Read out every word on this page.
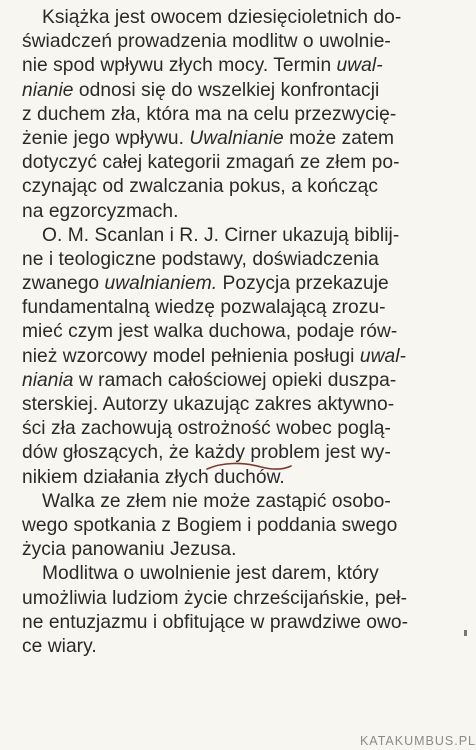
Książka jest owocem dziesięcioletnich do-
świadczeń prowadzenia modlitw o uwolnie-
nie spod wpływu złych mocy. Termin uwal-
nianie odnosi się do wszelkiej konfrontacji
z duchem zła, która ma na celu przezwycię-
żenie jego wpływu. Uwalnianie może zatem
dotyczyć całej kategorii zmagań ze złem po-
czynając od zwalczania pokus, a kończąc
na egzorcyzmach.
O. M. Scanlan i R. J. Cirner ukazują biblij-
ne i teologiczne podstawy, doświadczenia
zwanego uwalnianiem. Pozycja przekazuje
fundamentalną wiedzę pozwalającą zrozu-
mieć czym jest walka duchowa, podaje rów-
nież wzorcowy model pełnienia posługi uwal-
niania w ramach całościowej opieki duszpa-
sterskiej. Autorzy ukazując zakres aktywno-
ści zła zachowują ostrożność wobec poglą-
dów głoszących, że każdy problem jest wy-
nikiem działania złych duchów.
Walka ze złem nie może zastąpić osobo-
wego spotkania z Bogiem i poddania swego
życia panowaniu Jezusa.
Modlitwa o uwolnienie jest darem, który
umożliwia ludziom życie chrześcijańskie, peł-
ne entuzjazmu i obfitujące w prawdziwe owo-
ce wiary.
KATAKUMBUS.PL
